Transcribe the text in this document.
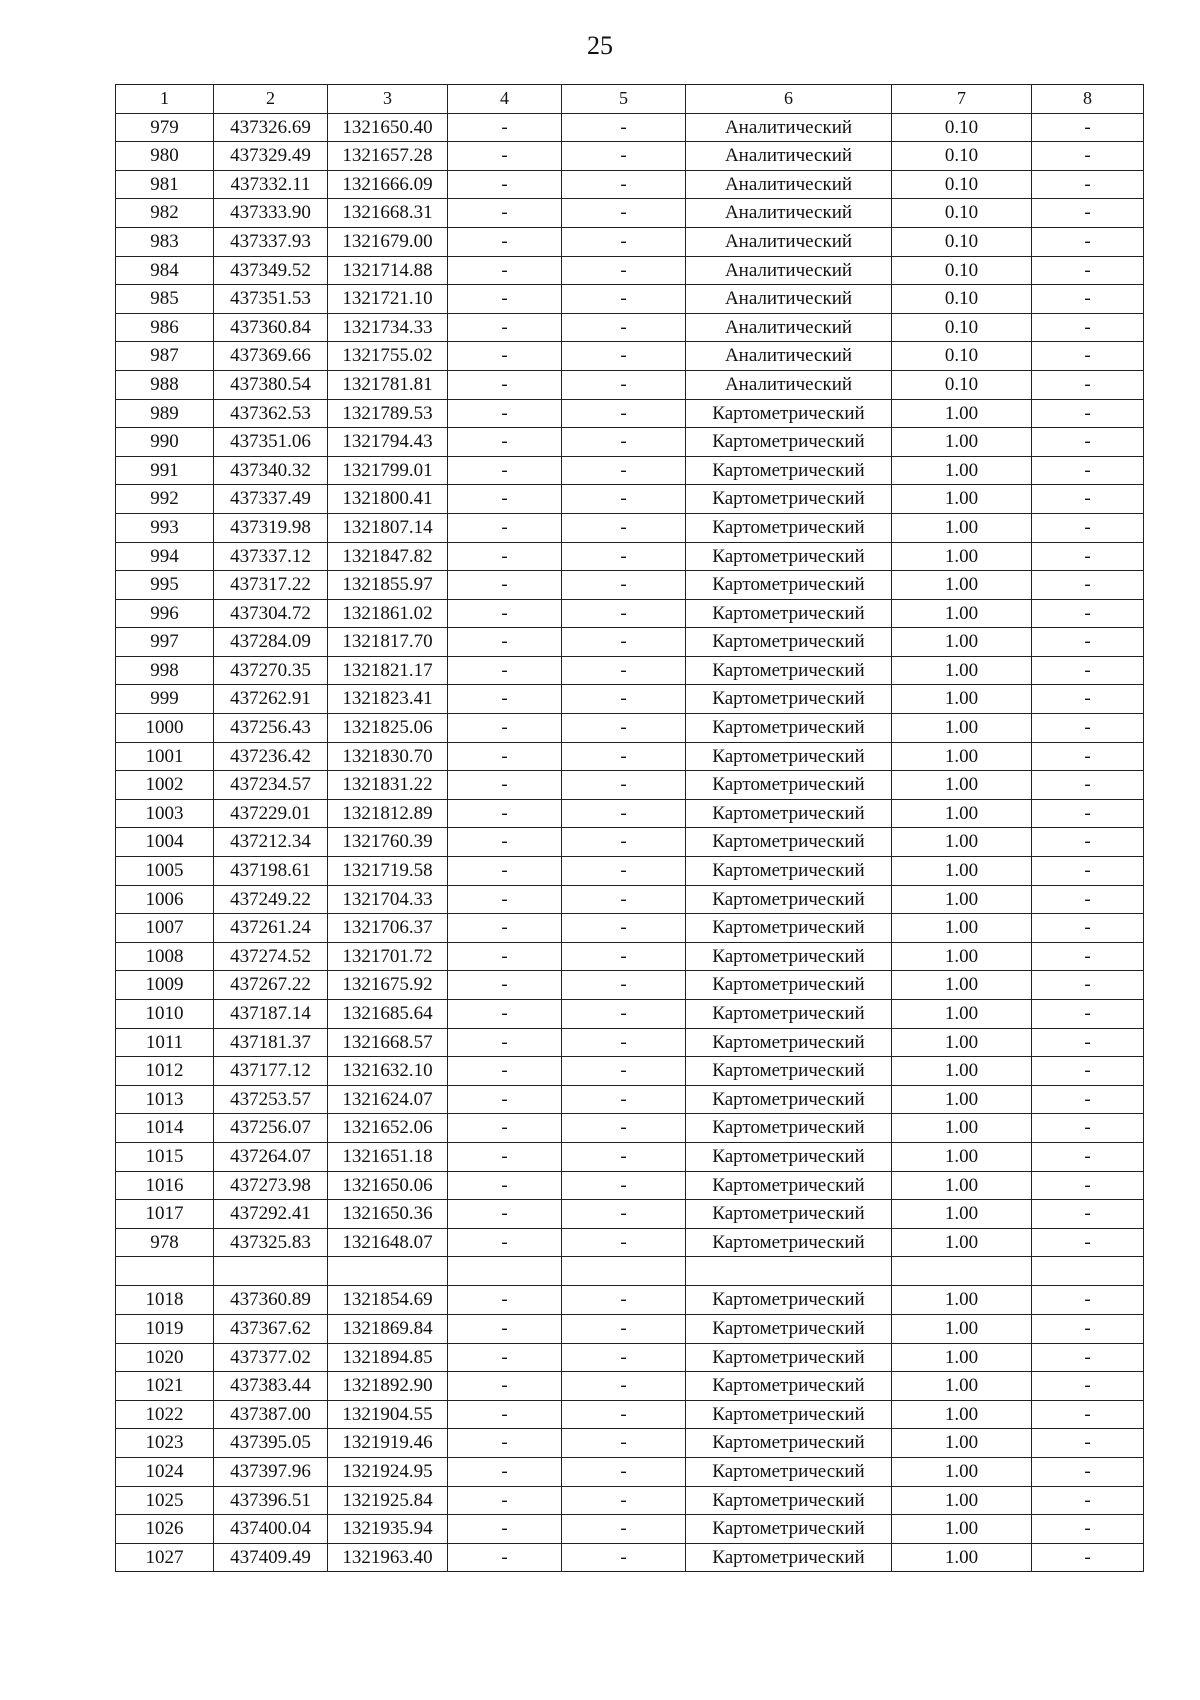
25
1	2	3	4	5	6	7	8
979	437326.69	1321650.40	-	-	Аналитический	0.10	-
980	437329.49	1321657.28	-	-	Аналитический	0.10	-
981	437332.11	1321666.09	-	-	Аналитический	0.10	-
982	437333.90	1321668.31	-	-	Аналитический	0.10	-
983	437337.93	1321679.00	-	-	Аналитический	0.10	-
984	437349.52	1321714.88	-	-	Аналитический	0.10	-
985	437351.53	1321721.10	-	-	Аналитический	0.10	-
986	437360.84	1321734.33	-	-	Аналитический	0.10	-
987	437369.66	1321755.02	-	-	Аналитический	0.10	-
988	437380.54	1321781.81	-	-	Аналитический	0.10	-
989	437362.53	1321789.53	-	-	Картометрический	1.00	-
990	437351.06	1321794.43	-	-	Картометрический	1.00	-
991	437340.32	1321799.01	-	-	Картометрический	1.00	-
992	437337.49	1321800.41	-	-	Картометрический	1.00	-
993	437319.98	1321807.14	-	-	Картометрический	1.00	-
994	437337.12	1321847.82	-	-	Картометрический	1.00	-
995	437317.22	1321855.97	-	-	Картометрический	1.00	-
996	437304.72	1321861.02	-	-	Картометрический	1.00	-
997	437284.09	1321817.70	-	-	Картометрический	1.00	-
998	437270.35	1321821.17	-	-	Картометрический	1.00	-
999	437262.91	1321823.41	-	-	Картометрический	1.00	-
1000	437256.43	1321825.06	-	-	Картометрический	1.00	-
1001	437236.42	1321830.70	-	-	Картометрический	1.00	-
1002	437234.57	1321831.22	-	-	Картометрический	1.00	-
1003	437229.01	1321812.89	-	-	Картометрический	1.00	-
1004	437212.34	1321760.39	-	-	Картометрический	1.00	-
1005	437198.61	1321719.58	-	-	Картометрический	1.00	-
1006	437249.22	1321704.33	-	-	Картометрический	1.00	-
1007	437261.24	1321706.37	-	-	Картометрический	1.00	-
1008	437274.52	1321701.72	-	-	Картометрический	1.00	-
1009	437267.22	1321675.92	-	-	Картометрический	1.00	-
1010	437187.14	1321685.64	-	-	Картометрический	1.00	-
1011	437181.37	1321668.57	-	-	Картометрический	1.00	-
1012	437177.12	1321632.10	-	-	Картометрический	1.00	-
1013	437253.57	1321624.07	-	-	Картометрический	1.00	-
1014	437256.07	1321652.06	-	-	Картометрический	1.00	-
1015	437264.07	1321651.18	-	-	Картометрический	1.00	-
1016	437273.98	1321650.06	-	-	Картометрический	1.00	-
1017	437292.41	1321650.36	-	-	Картометрический	1.00	-
978	437325.83	1321648.07	-	-	Картометрический	1.00	-

1018	437360.89	1321854.69	-	-	Картометрический	1.00	-
1019	437367.62	1321869.84	-	-	Картометрический	1.00	-
1020	437377.02	1321894.85	-	-	Картометрический	1.00	-
1021	437383.44	1321892.90	-	-	Картометрический	1.00	-
1022	437387.00	1321904.55	-	-	Картометрический	1.00	-
1023	437395.05	1321919.46	-	-	Картометрический	1.00	-
1024	437397.96	1321924.95	-	-	Картометрический	1.00	-
1025	437396.51	1321925.84	-	-	Картометрический	1.00	-
1026	437400.04	1321935.94	-	-	Картометрический	1.00	-
1027	437409.49	1321963.40	-	-	Картометрический	1.00	-
